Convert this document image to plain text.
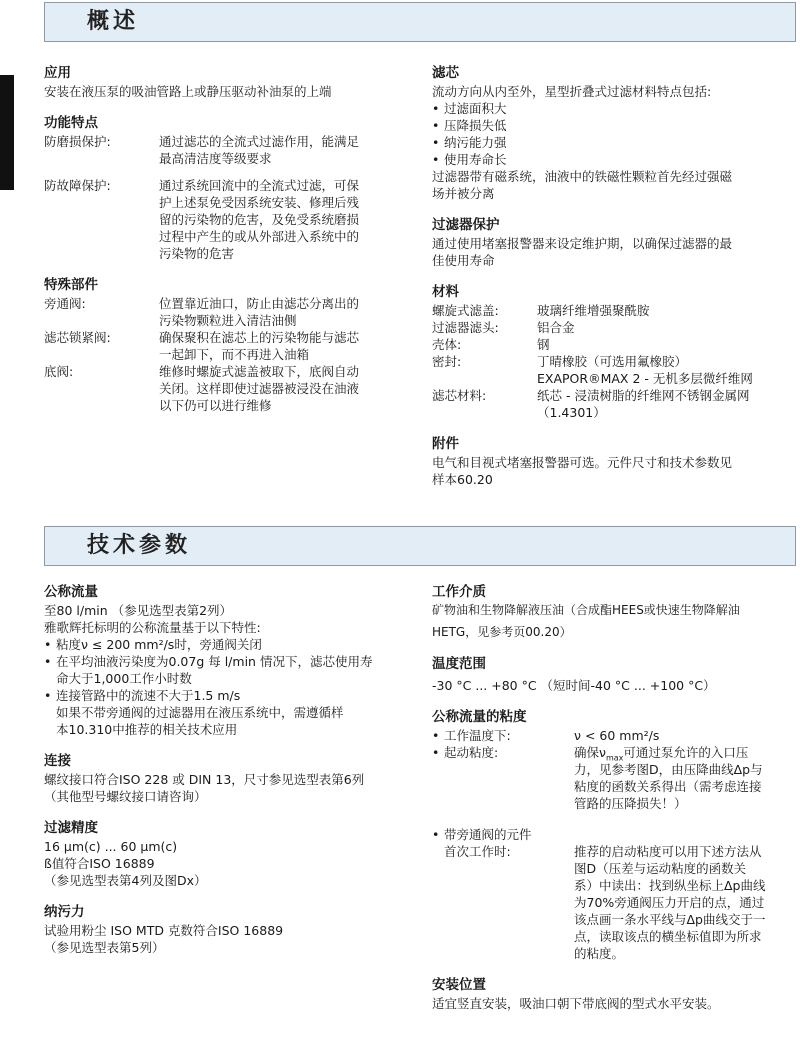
概述
应用
安装在液压泵的吸油管路上或静压驱动补油泵的上端
功能特点
防磨损保护:	通过滤芯的全流式过滤作用，能满足
最高清洁度等级要求
防故障保护:	通过系统回流中的全流式过滤，可保
护上述泵免受因系统安装、修理后残
留的污染物的危害，及免受系统磨损
过程中产生的或从外部进入系统中的
污染物的危害
特殊部件
旁通阀:	位置靠近油口，防止由滤芯分离出的
污染物颗粒进入清洁油侧
滤芯锁紧阀:	确保聚积在滤芯上的污染物能与滤芯
一起卸下，而不再进入油箱
底阀:	维修时螺旋式滤盖被取下，底阀自动
关闭。这样即使过滤器被浸没在油液
以下仍可以进行维修
滤芯
流动方向从内至外，星型折叠式过滤材料特点包括:
• 过滤面积大
• 压降损失低
• 纳污能力强
• 使用寿命长
过滤器带有磁系统，油液中的铁磁性颗粒首先经过强磁
场并被分离
过滤器保护
通过使用堵塞报警器来设定维护期，以确保过滤器的最
佳使用寿命
材料
螺旋式滤盖:	玻璃纤维增强聚酰胺
过滤器滤头:	铝合金
壳体:	钢
密封:	丁晴橡胶（可选用氟橡胶）
EXAPOR®MAX 2 - 无机多层微纤维网
滤芯材料:	纸芯 - 浸渍树脂的纤维网不锈钢金属网
（1.4301）
附件
电气和目视式堵塞报警器可选。元件尺寸和技术参数见
样本60.20
技术参数
公称流量
至80 l/min （参见选型表第2列）
雅歌辉托标明的公称流量基于以下特性:
• 粘度ν ≤ 200 mm²/s时，旁通阀关闭
• 在平均油液污染度为0.07g 每 l/min 情况下，滤芯使用寿
命大于1,000工作小时数
• 连接管路中的流速不大于1.5 m/s
如果不带旁通阀的过滤器用在液压系统中，需遵循样
本10.310中推荐的相关技术应用
连接
螺纹接口符合ISO 228 或 DIN 13，尺寸参见选型表第6列
（其他型号螺纹接口请咨询）
过滤精度
16 μm(c) ... 60 μm(c)
ß值符合ISO 16889
（参见选型表第4列及图Dx）
纳污力
试验用粉尘 ISO MTD 克数符合ISO 16889
（参见选型表第5列）
工作介质
矿物油和生物降解液压油（合成酯HEES或快速生物降解油
HETG，见参考页00.20）
温度范围
-30 °C ... +80 °C （短时间-40 °C ... +100 °C）
公称流量的粘度
• 工作温度下:	ν < 60 mm²/s
• 起动粘度:	确保$\nu_{max}$可通过泵允许的入口压
力，见参考图D，由压降曲线Δp与
粘度的函数关系得出（需考虑连接
管路的压降损失！）
• 带旁通阀的元件
首次工作时:	推荐的启动粘度可以用下述方法从
图D（压差与运动粘度的函数关
系）中读出：找到纵坐标上Δp曲线
为70%旁通阀压力开启的点，通过
该点画一条水平线与Δp曲线交于一
点，读取该点的横坐标值即为所求
的粘度。
安装位置
适宜竖直安装，吸油口朝下带底阀的型式水平安装。
